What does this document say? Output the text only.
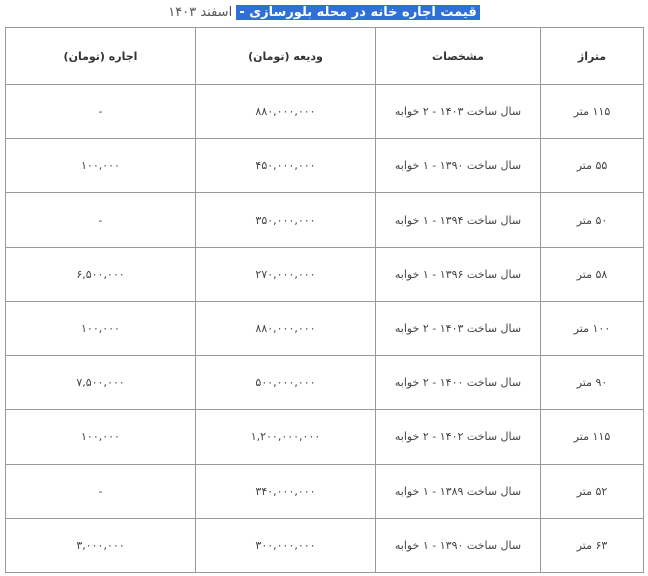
قیمت اجاره خانه در محله بلورسازی - اسفند ۱۴۰۳
متراژ	مشخصات	ودیعه (تومان)	اجاره (تومان)
۱۱۵ متر	سال ساخت ۱۴۰۳ - ۲ خوابه	۸۸۰,۰۰۰,۰۰۰	-
۵۵ متر	سال ساخت ۱۳۹۰ - ۱ خوابه	۴۵۰,۰۰۰,۰۰۰	۱۰۰,۰۰۰
۵۰ متر	سال ساخت ۱۳۹۴ - ۱ خوابه	۳۵۰,۰۰۰,۰۰۰	-
۵۸ متر	سال ساخت ۱۳۹۶ - ۱ خوابه	۲۷۰,۰۰۰,۰۰۰	۶,۵۰۰,۰۰۰
۱۰۰ متر	سال ساخت ۱۴۰۳ - ۲ خوابه	۸۸۰,۰۰۰,۰۰۰	۱۰۰,۰۰۰
۹۰ متر	سال ساخت ۱۴۰۰ - ۲ خوابه	۵۰۰,۰۰۰,۰۰۰	۷,۵۰۰,۰۰۰
۱۱۵ متر	سال ساخت ۱۴۰۲ - ۲ خوابه	۱,۲۰۰,۰۰۰,۰۰۰	۱۰۰,۰۰۰
۵۲ متر	سال ساخت ۱۳۸۹ - ۱ خوابه	۳۴۰,۰۰۰,۰۰۰	-
۶۳ متر	سال ساخت ۱۳۹۰ - ۱ خوابه	۳۰۰,۰۰۰,۰۰۰	۳,۰۰۰,۰۰۰
